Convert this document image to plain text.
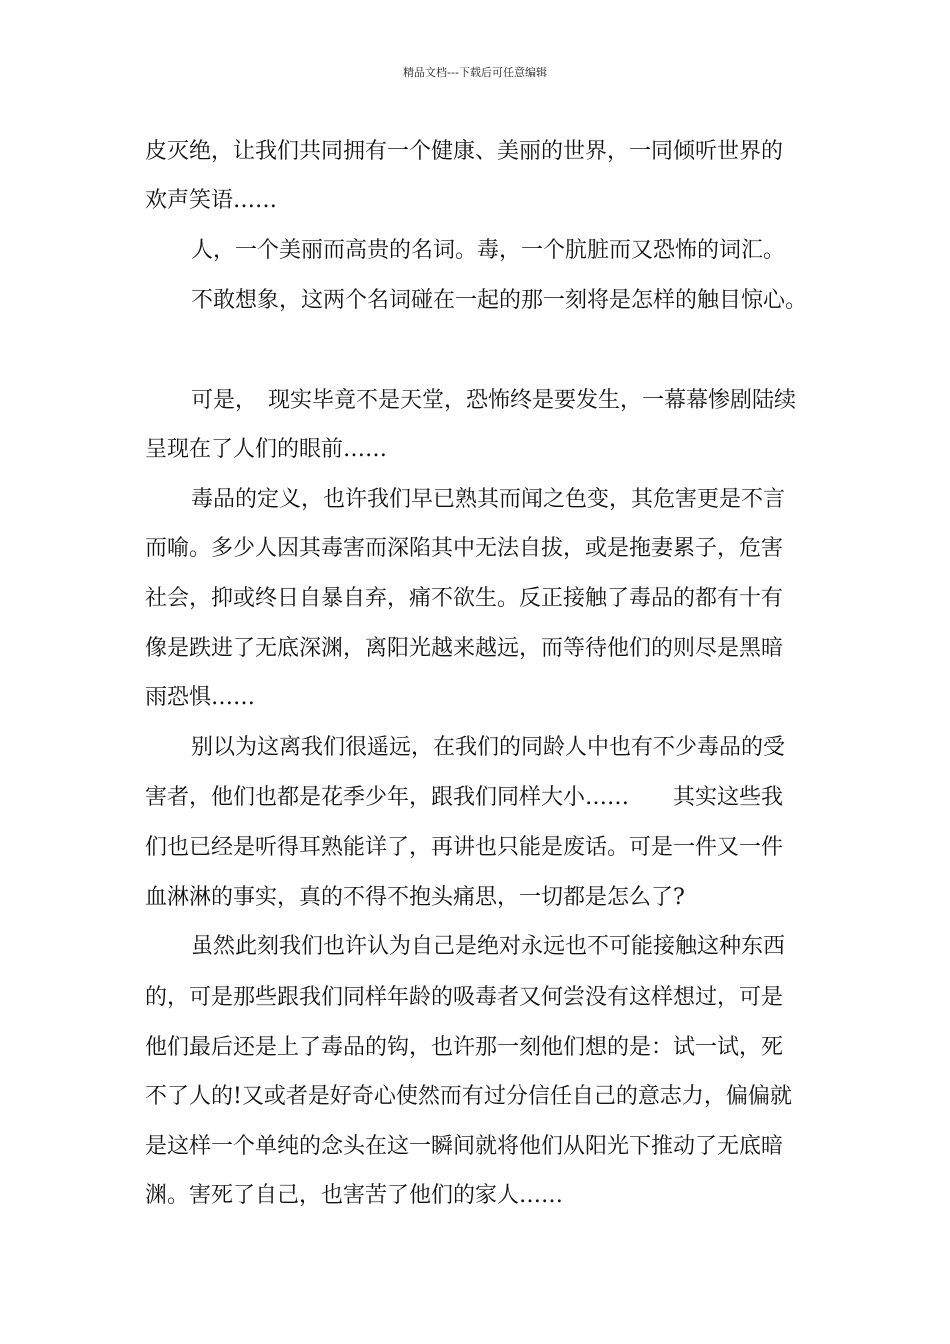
精品文档---下载后可任意编辑
皮灭绝，让我们共同拥有一个健康、美丽的世界，一同倾听世界的
欢声笑语……
人，一个美丽而高贵的名词。毒，一个肮脏而又恐怖的词汇。
不敢想象，这两个名词碰在一起的那一刻将是怎样的触目惊心。
可是，　现实毕竟不是天堂，恐怖终是要发生，一幕幕惨剧陆续
呈现在了人们的眼前……
毒品的定义，也许我们早已熟其而闻之色变，其危害更是不言
而喻。多少人因其毒害而深陷其中无法自拔，或是拖妻累子，危害
社会，抑或终日自暴自弃，痛不欲生。反正接触了毒品的都有十有
像是跌进了无底深渊，离阳光越来越远，而等待他们的则尽是黑暗
雨恐惧……
别以为这离我们很遥远，在我们的同龄人中也有不少毒品的受
害者，他们也都是花季少年，跟我们同样大小……　　其实这些我
们也已经是听得耳熟能详了，再讲也只能是废话。可是一件又一件
血淋淋的事实，真的不得不抱头痛思，一切都是怎么了?
虽然此刻我们也许认为自己是绝对永远也不可能接触这种东西
的，可是那些跟我们同样年龄的吸毒者又何尝没有这样想过，可是
他们最后还是上了毒品的钩，也许那一刻他们想的是：试一试，死
不了人的!又或者是好奇心使然而有过分信任自己的意志力，偏偏就
是这样一个单纯的念头在这一瞬间就将他们从阳光下推动了无底暗
渊。害死了自己，也害苦了他们的家人……
